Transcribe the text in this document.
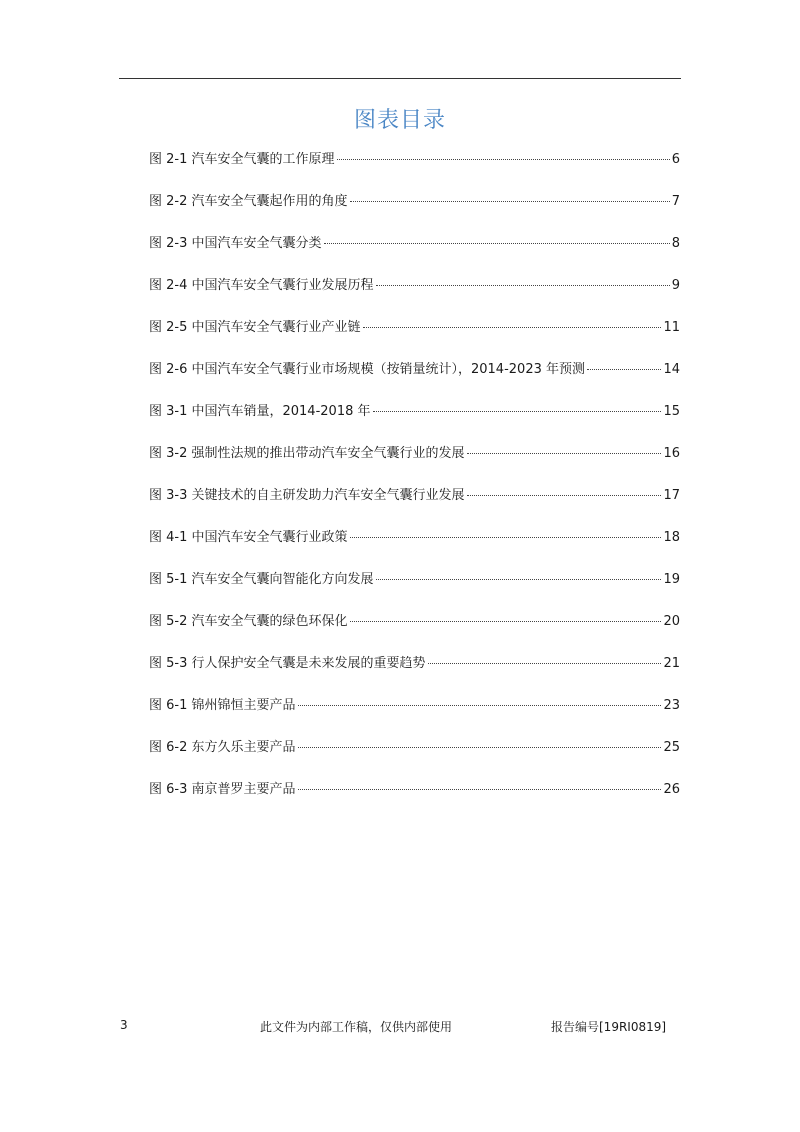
图表目录
图 2-1 汽车安全气囊的工作原理	6
图 2-2 汽车安全气囊起作用的角度	7
图 2-3 中国汽车安全气囊分类	8
图 2-4 中国汽车安全气囊行业发展历程	9
图 2-5 中国汽车安全气囊行业产业链	11
图 2-6 中国汽车安全气囊行业市场规模（按销量统计），2014-2023 年预测	14
图 3-1 中国汽车销量，2014-2018 年	15
图 3-2 强制性法规的推出带动汽车安全气囊行业的发展	16
图 3-3 关键技术的自主研发助力汽车安全气囊行业发展	17
图 4-1 中国汽车安全气囊行业政策	18
图 5-1 汽车安全气囊向智能化方向发展	19
图 5-2 汽车安全气囊的绿色环保化	20
图 5-3 行人保护安全气囊是未来发展的重要趋势	21
图 6-1 锦州锦恒主要产品	23
图 6-2 东方久乐主要产品	25
图 6-3 南京普罗主要产品	26
3	此文件为内部工作稿，仅供内部使用	报告编号[19RI0819]
